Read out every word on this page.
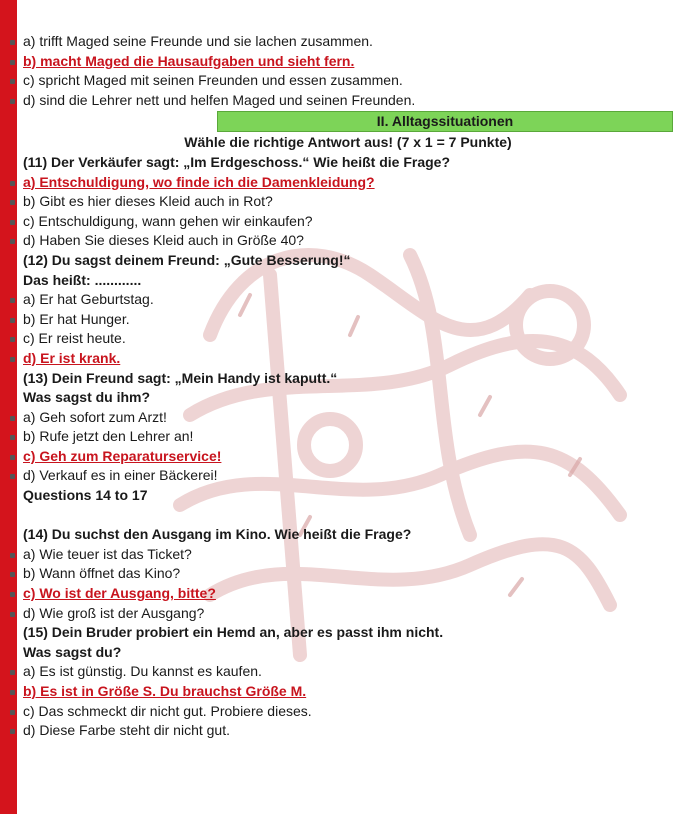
a) trifft Maged seine Freunde und sie lachen zusammen.
b) macht Maged die Hausaufgaben und sieht fern.
c) spricht Maged mit seinen Freunden und essen zusammen.
d) sind die Lehrer nett und helfen Maged und seinen Freunden.
II. Alltagssituationen
Wähle die richtige Antwort aus! (7 x 1 = 7 Punkte)
(11) Der Verkäufer sagt: „Im Erdgeschoss.“ Wie heißt die Frage?
a) Entschuldigung, wo finde ich die Damenkleidung?
b) Gibt es hier dieses Kleid auch in Rot?
c) Entschuldigung, wann gehen wir einkaufen?
d) Haben Sie dieses Kleid auch in Größe 40?
(12) Du sagst deinem Freund: „Gute Besserung!“
Das heißt: ............
a) Er hat Geburtstag.
b) Er hat Hunger.
c) Er reist heute.
d) Er ist krank.
(13) Dein Freund sagt: „Mein Handy ist kaputt.“
Was sagst du ihm?
a) Geh sofort zum Arzt!
b) Rufe jetzt den Lehrer an!
c) Geh zum Reparaturservice!
d) Verkauf es in einer Bäckerei!
Questions 14 to 17
(14) Du suchst den Ausgang im Kino. Wie heißt die Frage?
a) Wie teuer ist das Ticket?
b) Wann öffnet das Kino?
c) Wo ist der Ausgang, bitte?
d) Wie groß ist der Ausgang?
(15) Dein Bruder probiert ein Hemd an, aber es passt ihm nicht.
Was sagst du?
a) Es ist günstig. Du kannst es kaufen.
b) Es ist in Größe S. Du brauchst Größe M.
c) Das schmeckt dir nicht gut. Probiere dieses.
d) Diese Farbe steht dir nicht gut.
